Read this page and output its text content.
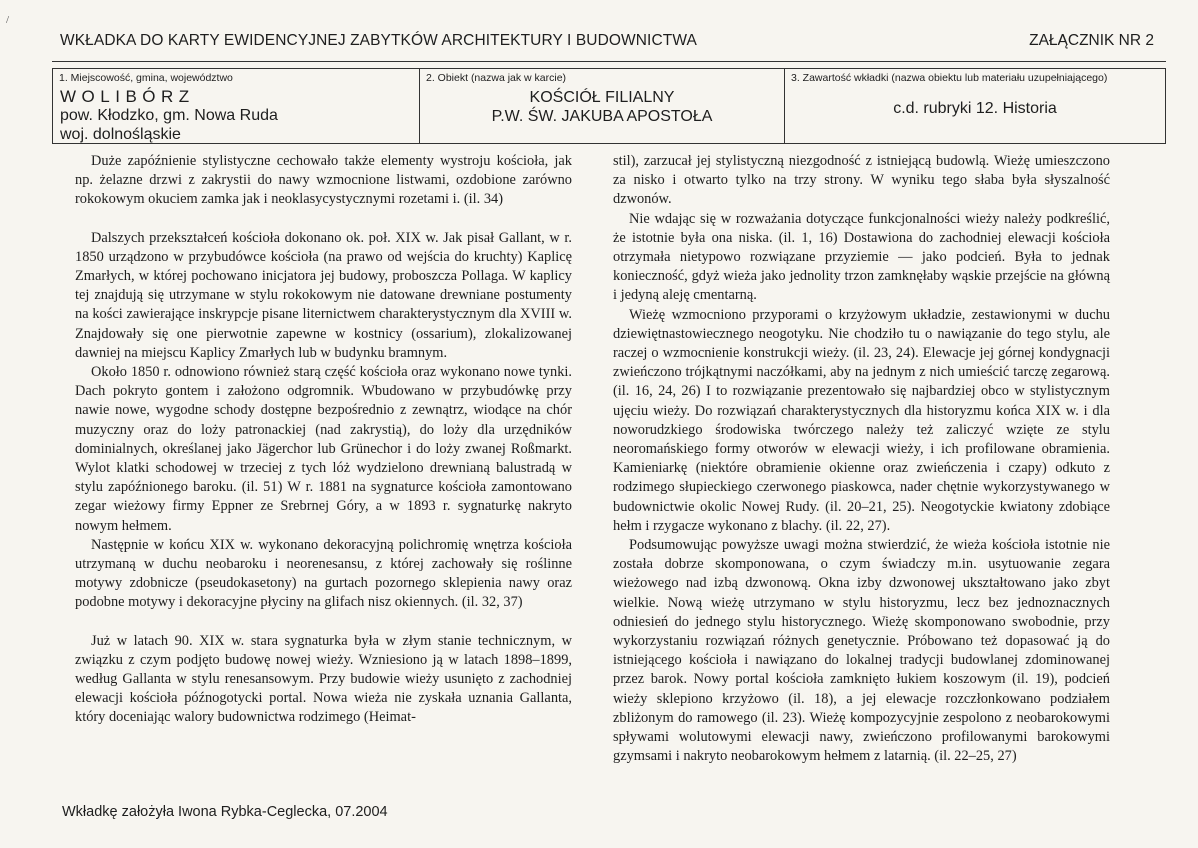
/
WKŁADKA DO KARTY EWIDENCYJNEJ ZABYTKÓW ARCHITEKTURY I BUDOWNICTWA	ZAŁĄCZNIK NR 2
1. Miejscowość, gmina, województwo
WOLIBÓRZ
pow. Kłodzko, gm. Nowa Ruda
woj. dolnośląskie
2. Obiekt (nazwa jak w karcie)
KOŚCIÓŁ FILIALNY
P.W. ŚW. JAKUBA APOSTOŁA
3. Zawartość wkładki (nazwa obiektu lub materiału uzupełniającego)
c.d. rubryki 12. Historia

Duże zapóźnienie stylistyczne cechowało także elementy wystroju kościoła, jak np. żelazne drzwi z zakrystii do nawy wzmocnione listwami, ozdobione zarówno rokokowym okuciem zamka jak i neoklasycystycznymi rozetami i. (il. 34)

Dalszych przekształceń kościoła dokonano ok. poł. XIX w. Jak pisał Gallant, w r. 1850 urządzono w przybudówce kościoła (na prawo od wejścia do kruchty) Kaplicę Zmarłych, w której pochowano inicjatora jej budowy, proboszcza Pollaga. W kaplicy tej znajdują się utrzymane w stylu rokokowym nie datowane drewniane postumenty na kości zawierające inskrypcje pisane liternictwem charakterystycznym dla XVIII w. Znajdowały się one pierwotnie zapewne w kostnicy (ossarium), zlokalizowanej dawniej na miejscu Kaplicy Zmarłych lub w budynku bramnym.

Około 1850 r. odnowiono również starą część kościoła oraz wykonano nowe tynki. Dach pokryto gontem i założono odgromnik. Wbudowano w przybudówkę przy nawie nowe, wygodne schody dostępne bezpośrednio z zewnątrz, wiodące na chór muzyczny oraz do loży patronackiej (nad zakrystią), do loży dla urzędników dominialnych, określanej jako Jägerchor lub Grünechor i do loży zwanej Roßmarkt. Wylot klatki schodowej w trzeciej z tych lóż wydzielono drewnianą balustradą w stylu zapóźnionego baroku. (il. 51) W r. 1881 na sygnaturce kościoła zamontowano zegar wieżowy firmy Eppner ze Srebrnej Góry, a w 1893 r. sygnaturkę nakryto nowym hełmem.

Następnie w końcu XIX w. wykonano dekoracyjną polichromię wnętrza kościoła utrzymaną w duchu neobaroku i neorenesansu, z której zachowały się roślinne motywy zdobnicze (pseudokasetony) na gurtach pozornego sklepienia nawy oraz podobne motywy i dekoracyjne płyciny na glifach nisz okiennych. (il. 32, 37)

Już w latach 90. XIX w. stara sygnaturka była w złym stanie technicznym, w związku z czym podjęto budowę nowej wieży. Wzniesiono ją w latach 1898–1899, według Gallanta w stylu renesansowym. Przy budowie wieży usunięto z zachodniej elewacji kościoła późnogotycki portal. Nowa wieża nie zyskała uznania Gallanta, który doceniając walory budownictwa rodzimego (Heimat-

stil), zarzucał jej stylistyczną niezgodność z istniejącą budowlą. Wieżę umieszczono za nisko i otwarto tylko na trzy strony. W wyniku tego słaba była słyszalność dzwonów.

Nie wdając się w rozważania dotyczące funkcjonalności wieży należy podkreślić, że istotnie była ona niska. (il. 1, 16) Dostawiona do zachodniej elewacji kościoła otrzymała nietypowo rozwiązane przyziemie — jako podcień. Była to jednak konieczność, gdyż wieża jako jednolity trzon zamknęłaby wąskie przejście na główną i jedyną aleję cmentarną.

Wieżę wzmocniono przyporami o krzyżowym układzie, zestawionymi w duchu dziewiętnastowiecznego neogotyku. Nie chodziło tu o nawiązanie do tego stylu, ale raczej o wzmocnienie konstrukcji wieży. (il. 23, 24). Elewacje jej górnej kondygnacji zwieńczono trójkątnymi naczółkami, aby na jednym z nich umieścić tarczę zegarową. (il. 16, 24, 26) I to rozwiązanie prezentowało się najbardziej obco w stylistycznym ujęciu wieży. Do rozwiązań charakterystycznych dla historyzmu końca XIX w. i dla noworudzkiego środowiska twórczego należy też zaliczyć wzięte ze stylu neoromańskiego formy otworów w elewacji wieży, i ich profilowane obramienia. Kamieniarkę (niektóre obramienie okienne oraz zwieńczenia i czapy) odkuto z rodzimego słupieckiego czerwonego piaskowca, nader chętnie wykorzystywanego w budownictwie okolic Nowej Rudy. (il. 20–21, 25). Neogotyckie kwiatony zdobiące hełm i rzygacze wykonano z blachy. (il. 22, 27).

Podsumowując powyższe uwagi można stwierdzić, że wieża kościoła istotnie nie została dobrze skomponowana, o czym świadczy m.in. usytuowanie zegara wieżowego nad izbą dzwonową. Okna izby dzwonowej ukształtowano jako zbyt wielkie. Nową wieżę utrzymano w stylu historyzmu, lecz bez jednoznacznych odniesień do jednego stylu historycznego. Wieżę skomponowano swobodnie, przy wykorzystaniu rozwiązań różnych genetycznie. Próbowano też dopasować ją do istniejącego kościoła i nawiązano do lokalnej tradycji budowlanej zdominowanej przez barok. Nowy portal kościoła zamknięto łukiem koszowym (il. 19), podcień wieży sklepiono krzyżowo (il. 18), a jej elewacje rozczłonkowano podziałem zbliżonym do ramowego (il. 23). Wieżę kompozycyjnie zespolono z neobarokowymi spływami wolutowymi elewacji nawy, zwieńczono profilowanymi barokowymi gzymsami i nakryto neobarokowym hełmem z latarnią. (il. 22–25, 27)

Wkładkę założyła Iwona Rybka-Ceglecka, 07.2004
